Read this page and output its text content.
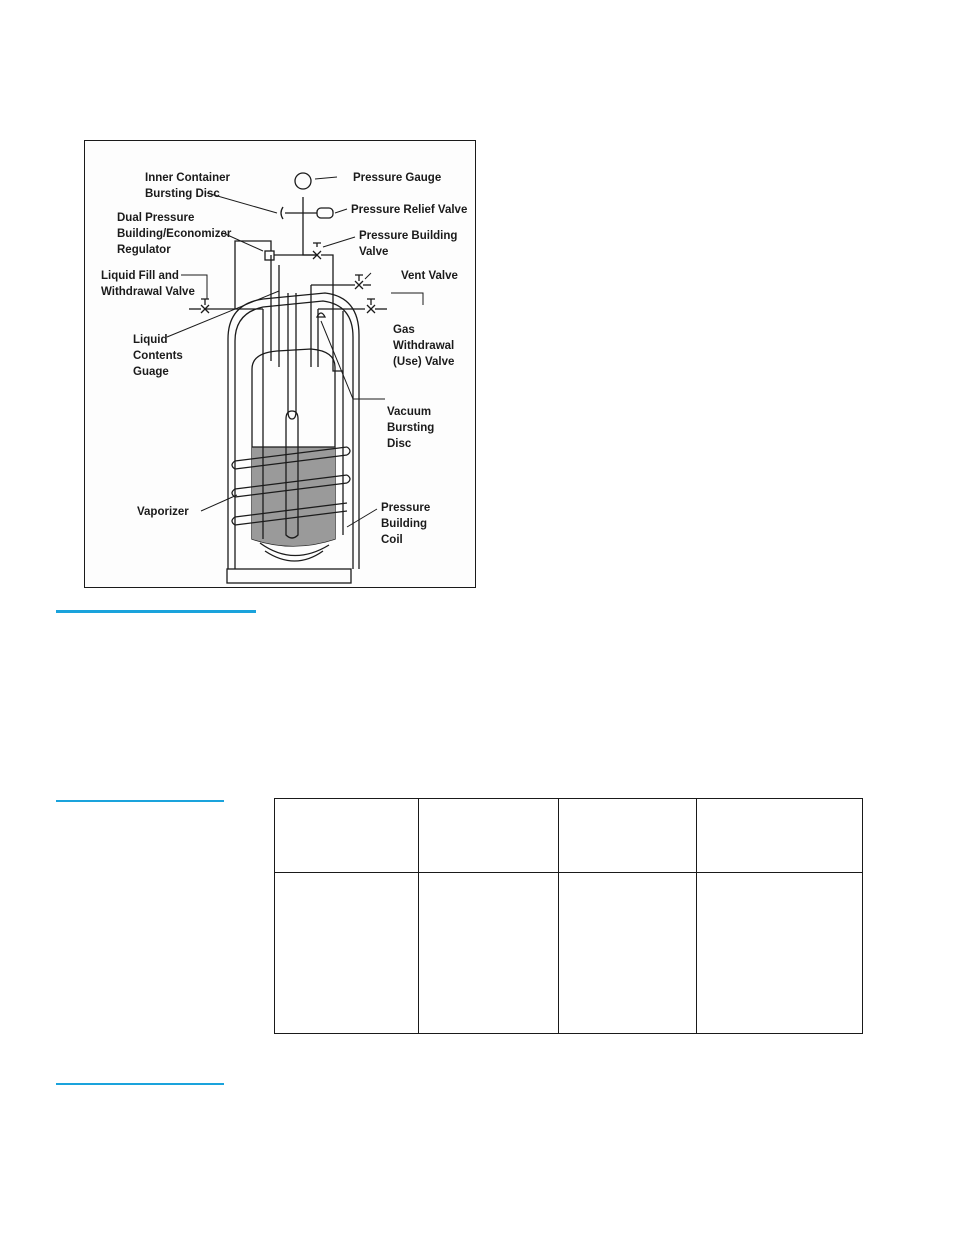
Pressure Gauge
Inner Container
Bursting Disc
Pressure Relief Valve
Dual Pressure
Building/Economizer
Regulator
Pressure Building
Valve
Liquid Fill and
Withdrawal Valve
Vent Valve
Gas
Withdrawal
(Use) Valve
Liquid
Contents
Guage
Vacuum
Bursting
Disc
Vaporizer	Pressure
Building
Coil
